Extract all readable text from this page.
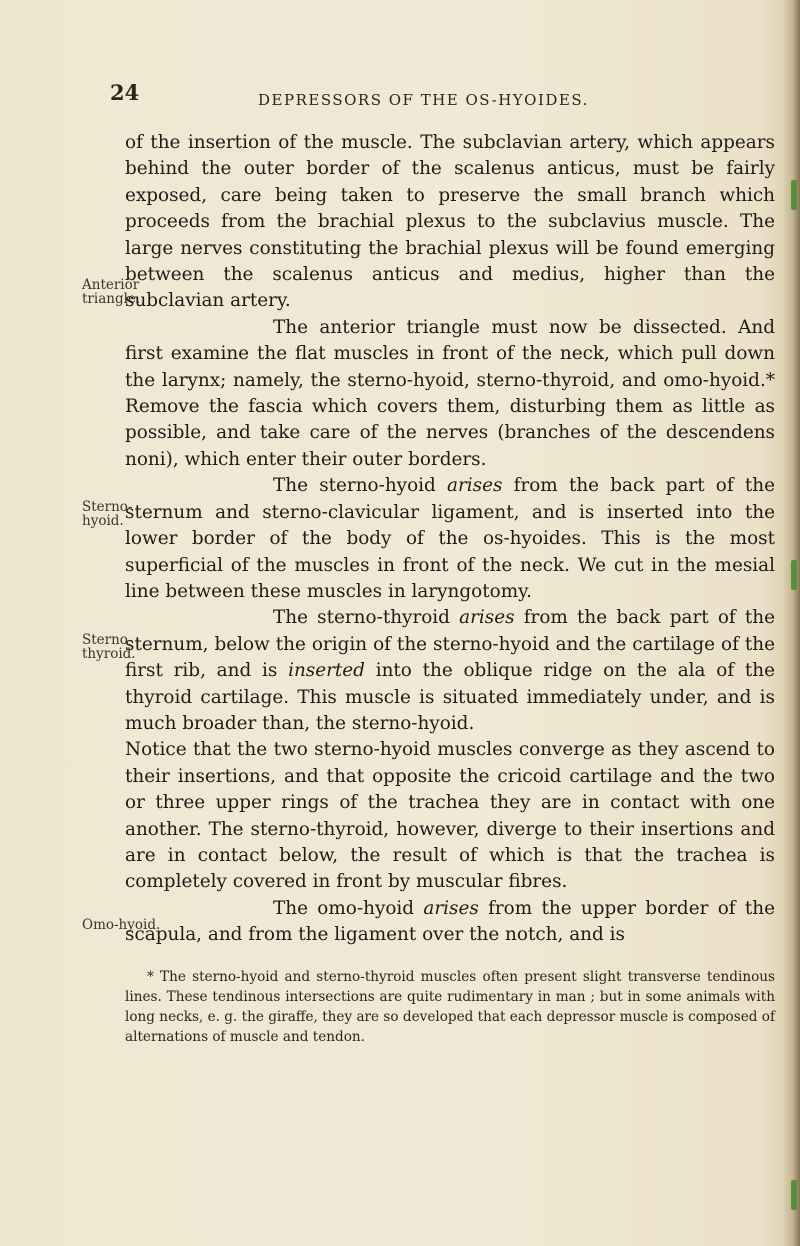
24	DEPRESSORS OF THE OS-HYOIDES.
Anterior triangle.
Sterno-hyoid.
Sterno-thyroid.
Omo-hyoid.

of the insertion of the muscle. The subclavian artery, which appears behind the outer border of the scalenus anticus, must be fairly exposed, care being taken to preserve the small branch which proceeds from the brachial plexus to the subclavius muscle. The large nerves constituting the brachial plexus will be found emerging between the scalenus anticus and medius, higher than the subclavian artery.

The anterior triangle must now be dissected. And first examine the flat muscles in front of the neck, which pull down the larynx; namely, the sterno-hyoid, sterno-thyroid, and omo-hyoid.* Remove the fascia which covers them, disturbing them as little as possible, and take care of the nerves (branches of the descendens noni), which enter their outer borders.

The sterno-hyoid arises from the back part of the sternum and sterno-clavicular ligament, and is inserted into the lower border of the body of the os-hyoides. This is the most superficial of the muscles in front of the neck. We cut in the mesial line between these muscles in laryngotomy.

The sterno-thyroid arises from the back part of the sternum, below the origin of the sterno-hyoid and the cartilage of the first rib, and is inserted into the oblique ridge on the ala of the thyroid cartilage. This muscle is situated immediately under, and is much broader than, the sterno-hyoid.

Notice that the two sterno-hyoid muscles converge as they ascend to their insertions, and that opposite the cricoid cartilage and the two or three upper rings of the trachea they are in contact with one another. The sterno-thyroid, however, diverge to their insertions and are in contact below, the result of which is that the trachea is completely covered in front by muscular fibres.

The omo-hyoid arises from the upper border of the scapula, and from the ligament over the notch, and is

* The sterno-hyoid and sterno-thyroid muscles often present slight transverse tendinous lines. These tendinous intersections are quite rudimentary in man ; but in some animals with long necks, e. g. the giraffe, they are so developed that each depressor muscle is composed of alternations of muscle and tendon.
